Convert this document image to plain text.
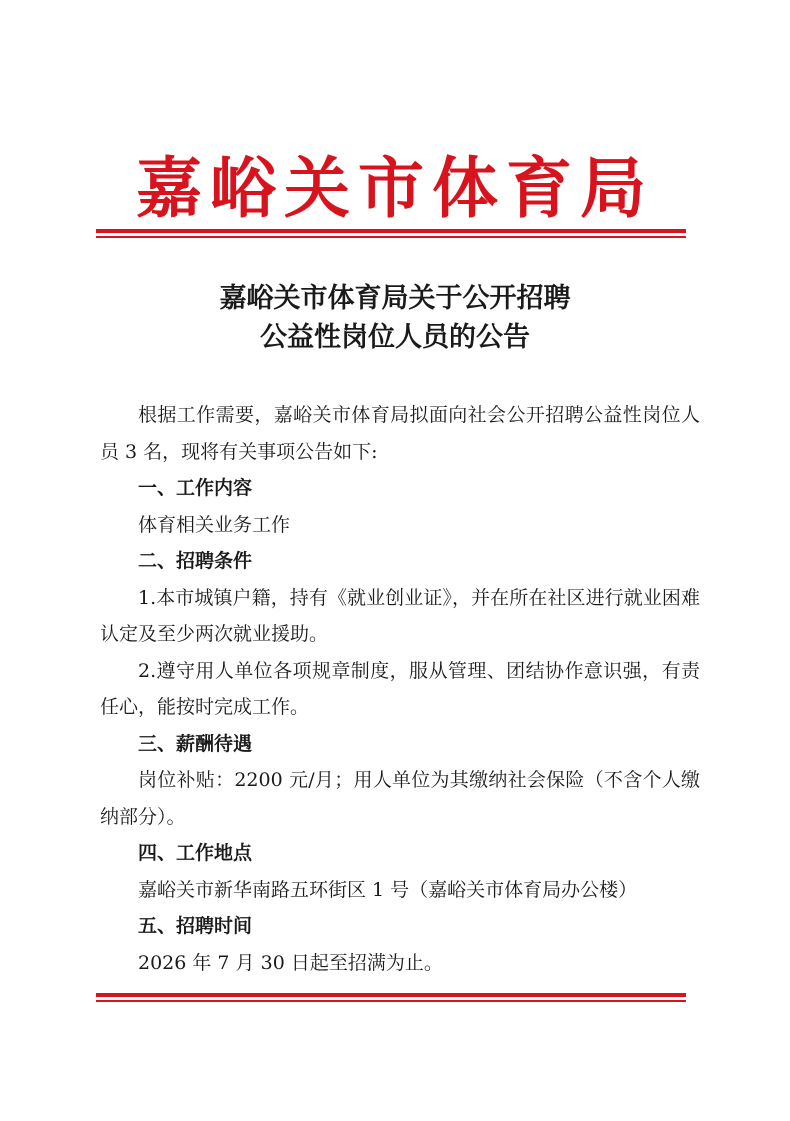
嘉峪关市体育局
嘉峪关市体育局关于公开招聘
公益性岗位人员的公告

根据工作需要，嘉峪关市体育局拟面向社会公开招聘公益性岗位人员 3 名，现将有关事项公告如下:

一、工作内容

体育相关业务工作

二、招聘条件

1.本市城镇户籍，持有《就业创业证》，并在所在社区进行就业困难认定及至少两次就业援助。

2.遵守用人单位各项规章制度，服从管理、团结协作意识强，有责任心，能按时完成工作。

三、薪酬待遇

岗位补贴：2200 元/月；用人单位为其缴纳社会保险（不含个人缴纳部分）。

四、工作地点

嘉峪关市新华南路五环街区 1 号（嘉峪关市体育局办公楼）

五、招聘时间

2026 年 7 月 30 日起至招满为止。
